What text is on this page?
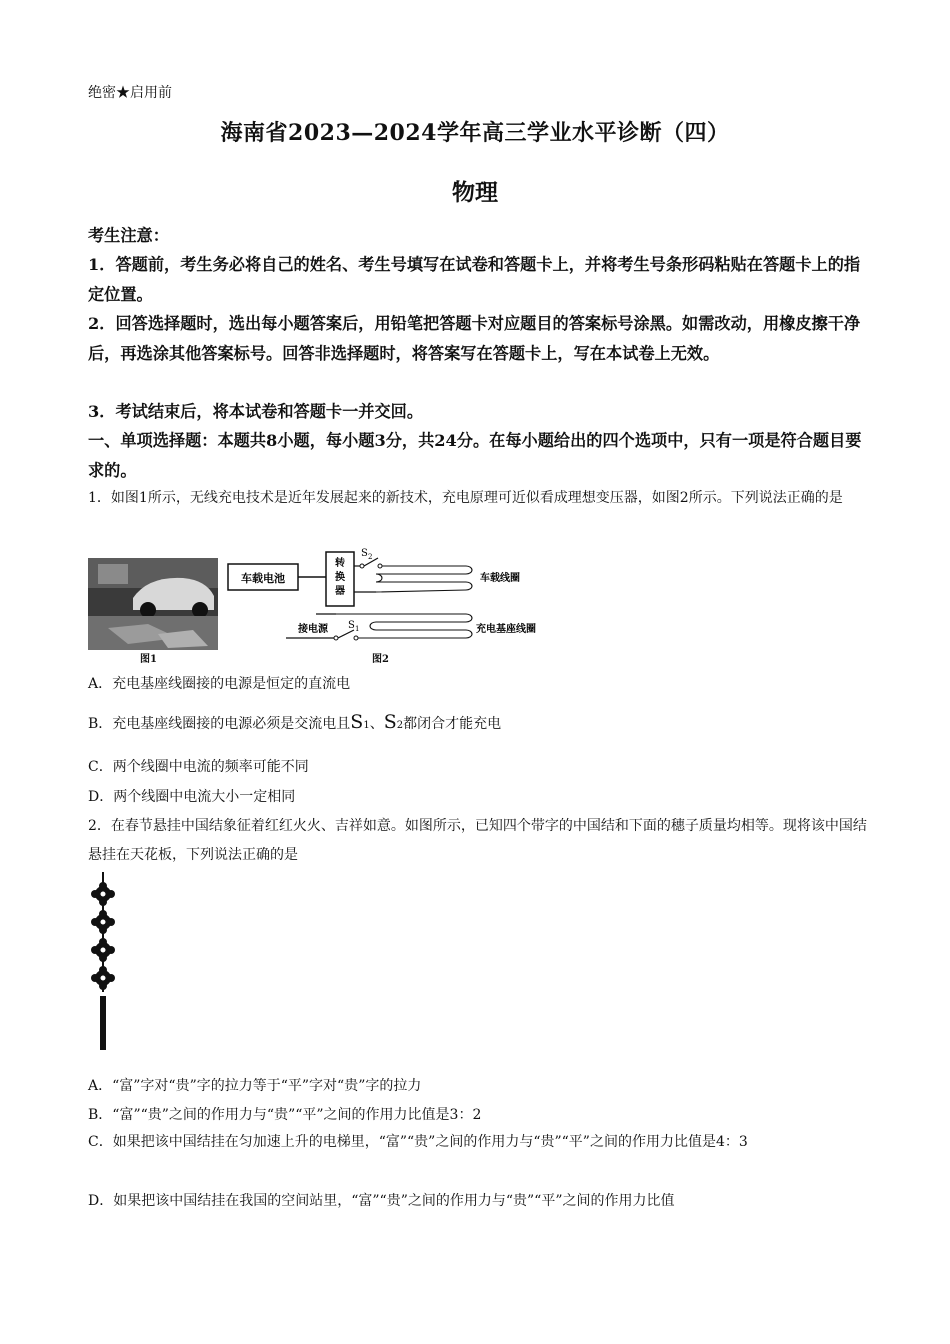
绝密★启用前
海南省2023—2024学年高三学业水平诊断（四）
物理
考生注意：
1．答题前，考生务必将自己的姓名、考生号填写在试卷和答题卡上，并将考生号条形码粘贴在答题卡上的指定位置。
2．回答选择题时，选出每小题答案后，用铅笔把答题卡对应题目的答案标号涂黑。如需改动，用橡皮擦干净后，再选涂其他答案标号。回答非选择题时，将答案写在答题卡上，写在本试卷上无效。
3．考试结束后，将本试卷和答题卡一并交回。
一、单项选择题：本题共8小题，每小题3分，共24分。在每小题给出的四个选项中，只有一项是符合题目要求的。
1．如图1所示，无线充电技术是近年发展起来的新技术，充电原理可近似看成理想变压器，如图2所示。下列说法正确的是
图1
车载电池
转
换
器
S 2
车载线圈
接电源 S 1	充电基座线圈
图2
A．充电基座线圈接的电源是恒定的直流电
B．充电基座线圈接的电源必须是交流电且S1、S2都闭合才能充电
C．两个线圈中电流的频率可能不同
D．两个线圈中电流大小一定相同
2．在春节悬挂中国结象征着红红火火、吉祥如意。如图所示，已知四个带字的中国结和下面的穗子质量均相等。现将该中国结悬挂在天花板，下列说法正确的是
A．“富”字对“贵”字的拉力等于“平”字对“贵”字的拉力
B．“富”“贵”之间的作用力与“贵”“平”之间的作用力比值是3：2
C．如果把该中国结挂在匀加速上升的电梯里，“富”“贵”之间的作用力与“贵”“平”之间的作用力比值是4：3
D．如果把该中国结挂在我国的空间站里，“富”“贵”之间的作用力与“贵”“平”之间的作用力比值
